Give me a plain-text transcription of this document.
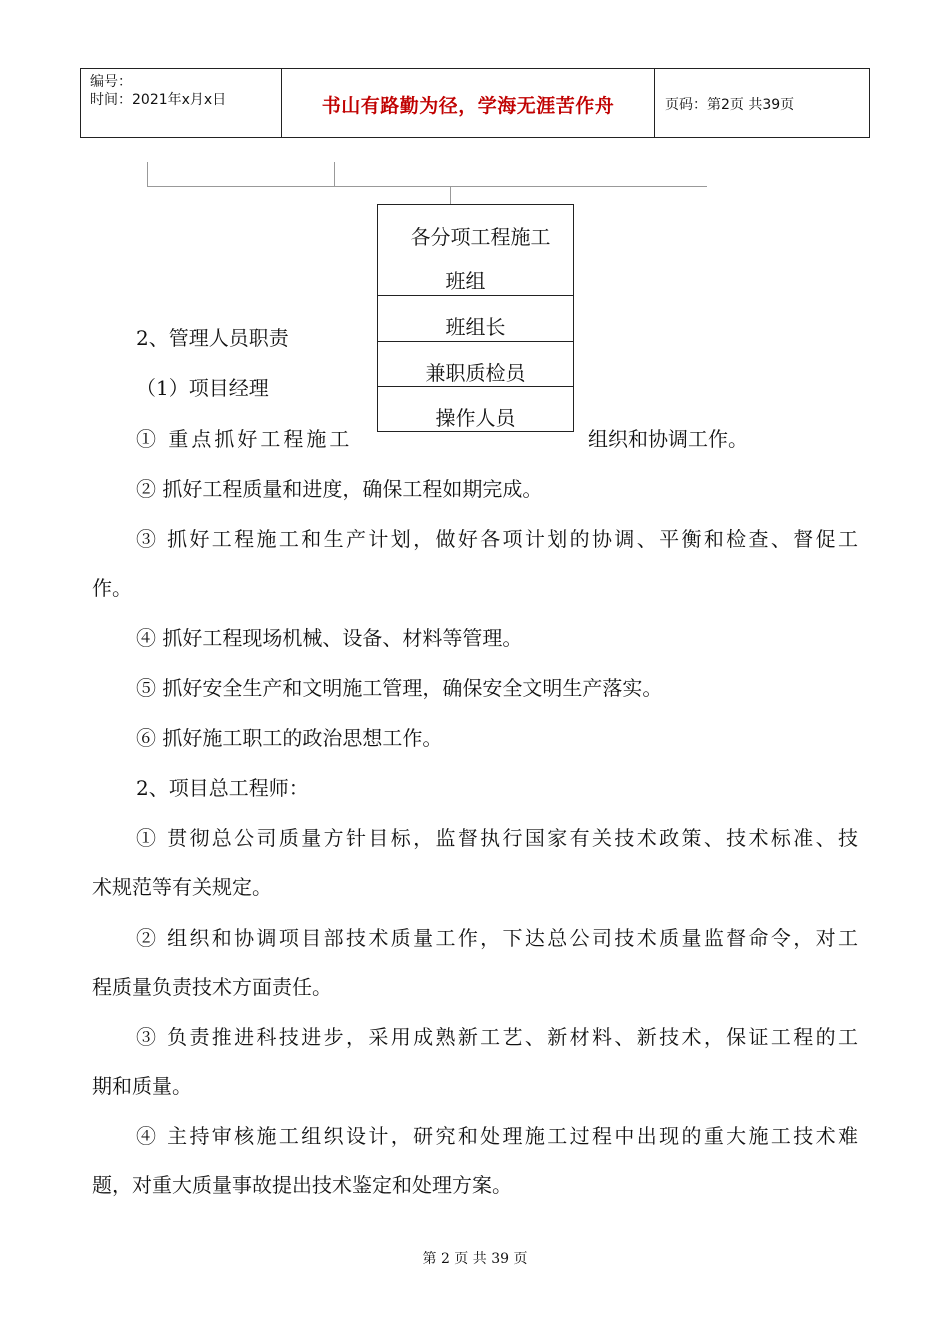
编号：
时间：2021年x月x日	书山有路勤为径，学海无涯苦作舟	页码：第2页 共39页
各分项工程施工
班组
班组长
兼职质检员
操作人员
2、管理人员职责
（1）项目经理
① 重点抓好工程施工	组织和协调工作。
② 抓好工程质量和进度，确保工程如期完成。
③ 抓好工程施工和生产计划，做好各项计划的协调、平衡和检查、督促工
作。
④ 抓好工程现场机械、设备、材料等管理。
⑤ 抓好安全生产和文明施工管理，确保安全文明生产落实。
⑥ 抓好施工职工的政治思想工作。
2、项目总工程师：
① 贯彻总公司质量方针目标，监督执行国家有关技术政策、技术标准、技
术规范等有关规定。
② 组织和协调项目部技术质量工作，下达总公司技术质量监督命令，对工
程质量负责技术方面责任。
③ 负责推进科技进步，采用成熟新工艺、新材料、新技术，保证工程的工
期和质量。
④ 主持审核施工组织设计，研究和处理施工过程中出现的重大施工技术难
题，对重大质量事故提出技术鉴定和处理方案。
第 2 页 共 39 页
